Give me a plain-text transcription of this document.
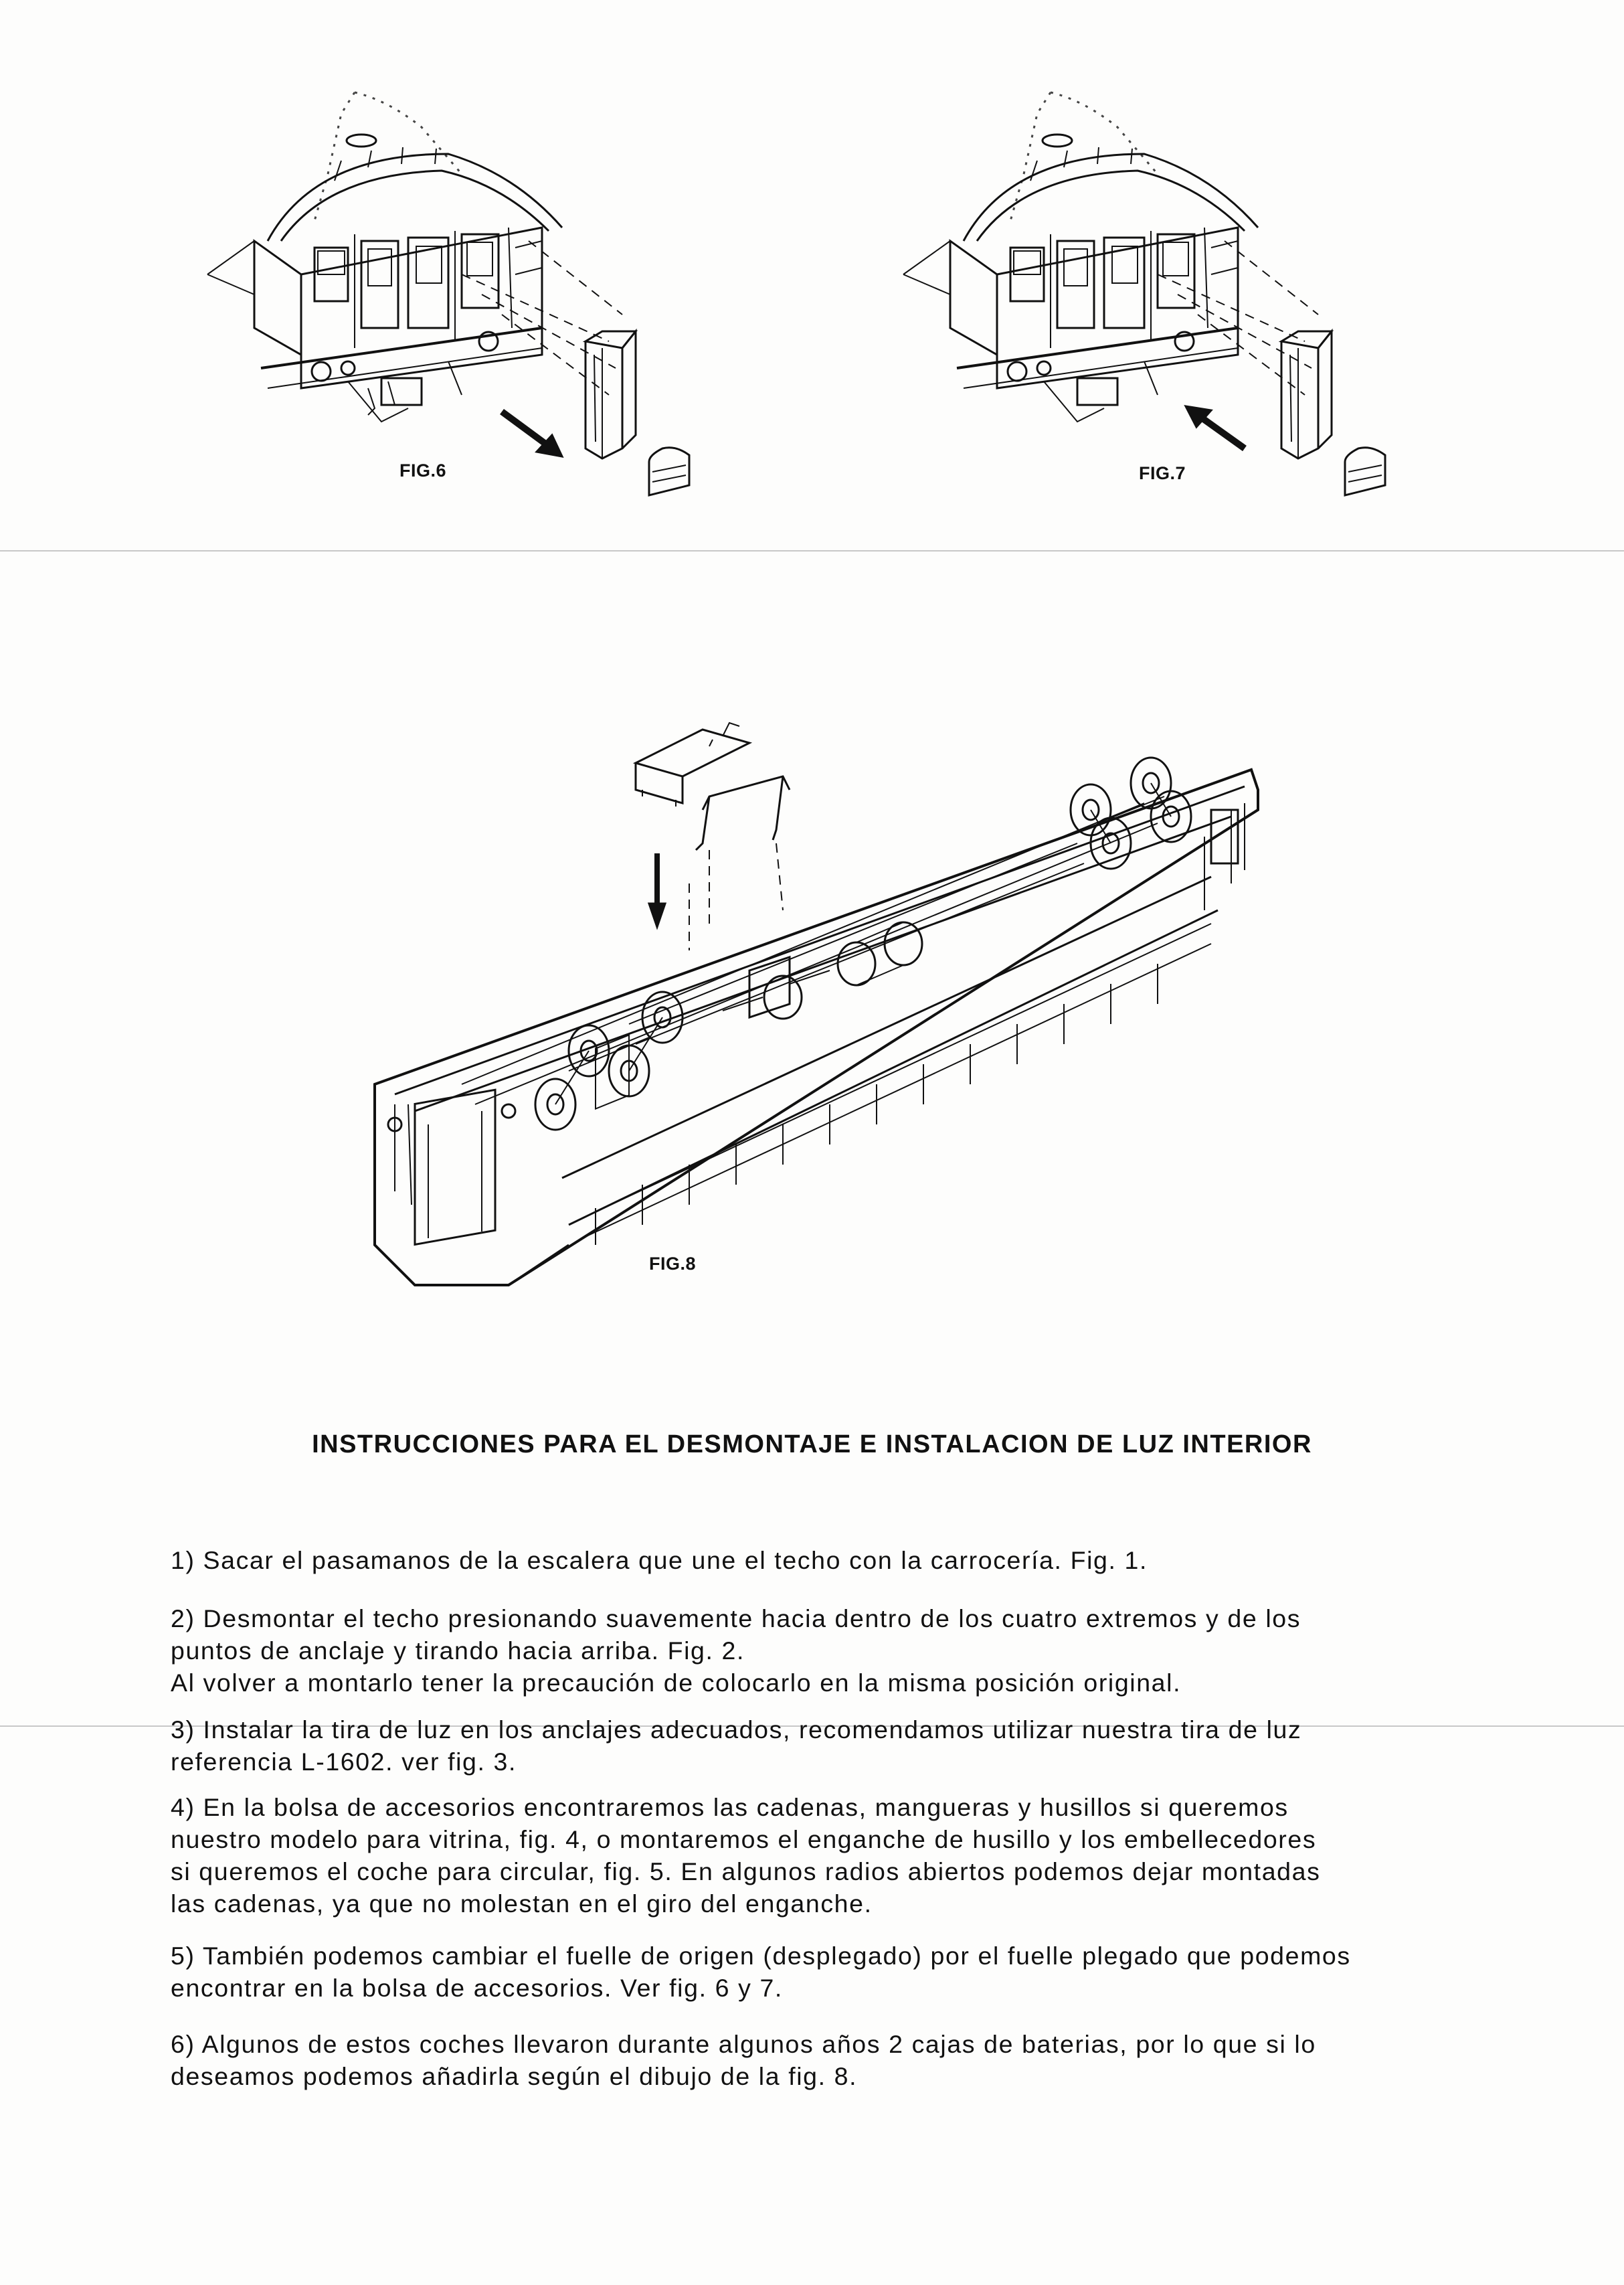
FIG.6	FIG.7
FIG.8
INSTRUCCIONES PARA EL DESMONTAJE E INSTALACION DE LUZ INTERIOR
1) Sacar el pasamanos de la escalera que une el techo con la carrocería. Fig. 1.
2) Desmontar el techo presionando suavemente hacia dentro de los cuatro extremos y de los
puntos de anclaje y tirando hacia arriba. Fig. 2.
Al volver a montarlo tener la precaución de colocarlo en la misma posición original.
3) Instalar la tira de luz en los anclajes adecuados, recomendamos utilizar nuestra tira de luz
referencia L-1602. ver fig. 3.
4) En la bolsa de accesorios encontraremos las cadenas, mangueras y husillos si queremos
nuestro modelo para vitrina, fig. 4, o montaremos el enganche de husillo y los embellecedores
si queremos el coche para circular, fig. 5. En algunos radios abiertos podemos dejar montadas
las cadenas, ya que no molestan en el giro del enganche.
5) También podemos cambiar el fuelle de origen (desplegado) por el fuelle plegado que podemos
encontrar en la bolsa de accesorios. Ver fig. 6 y 7.
6) Algunos de estos coches llevaron durante algunos años 2 cajas de baterias, por lo que si lo
deseamos podemos añadirla según el dibujo de la fig. 8.
